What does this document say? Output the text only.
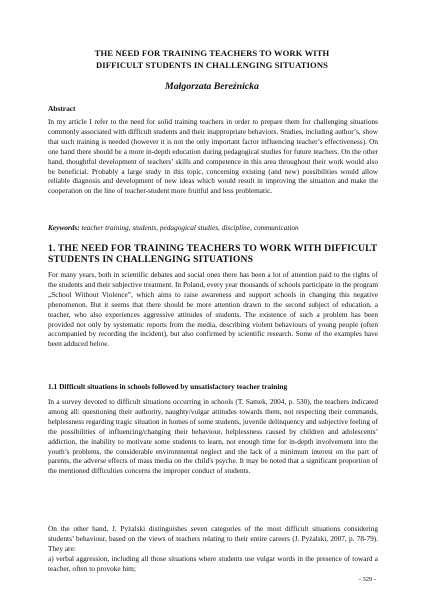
THE NEED FOR TRAINING TEACHERS TO WORK WITH DIFFICULT STUDENTS IN CHALLENGING SITUATIONS
Małgorzata Bereźnicka
Abstract
In my article I refer to the need for solid training teachers in order to prepare them for challenging situations commonly associated with difficult students and their inappropriate behaviors. Studies, including author’s, show that such training is needed (however it is not the only important factor influencing teacher’s effectiveness). On one hand there should be a more in-depth education during pedagogical studies for future teachers. On the other hand, thoughtful development of teachers’ skills and competence in this area throughout their work would also be beneficial. Probably a large study in this topic, concerning existing (and new) possibilities would allow reliable diagnosis and development of new ideas which would result in improving the situation and make the cooperation on the line of teacher-student more fruitful and less problematic.
Keywords: teacher training, students, pedagogical studies, discipline, communication
1. THE NEED FOR TRAINING TEACHERS TO WORK WITH DIFFICULT STUDENTS IN CHALLENGING SITUATIONS
For many years, both in scientific debates and social ones there has been a lot of attention paid to the rights of the students and their subjective treatment. In Poland, every year thousands of schools participate in the program „School Without Violence”, which aims to raise awareness and support schools in changing this negative phenomenon. But it seems that there should be more attention drawn to the second subject of education, a teacher, who also experiences aggressive attitudes of students. The existence of such a problem has been provided not only by systematic reports from the media, describing violent behaviours of young people (often accompanied by recording the incident), but also confirmed by scientific research. Some of the examples have been adduced below.
1.1 Difficult situations in schools followed by unsatisfactory teacher training
In a survey devoted to difficult situations occurring in schools (T. Samek, 2004, p. 530), the teachers indicated among all: questioning their authority, naughty/vulgar attitudes towards them, not respecting their commands, helplessness regarding tragic situation in homes of some students, juvenile delinquency and subjective feeling of the possibilities of influencing/changing their behaviour, helplessness caused by children and adolescents’ addiction, the inability to motivate some students to learn, not enough time for in-depth involvement into the youth’s problems, the considerable environmental neglect and the lack of a minimum interest on the part of parents, the adverse effects of mass media on the child's psyche. It may be noted that a significant proportion of the mentioned difficulties concerns the improper conduct of students.
On the other hand, J. Pyżalski distinguishes seven categories of the most difficult situations considering students’ behaviour, based on the views of teachers relating to their entire careers (J. Pyżalski, 2007, p. 78-79). They are:
a) verbal aggression, including all those situations where students use vulgar words in the presence of toward a teacher, often to provoke him;
- 329 -
